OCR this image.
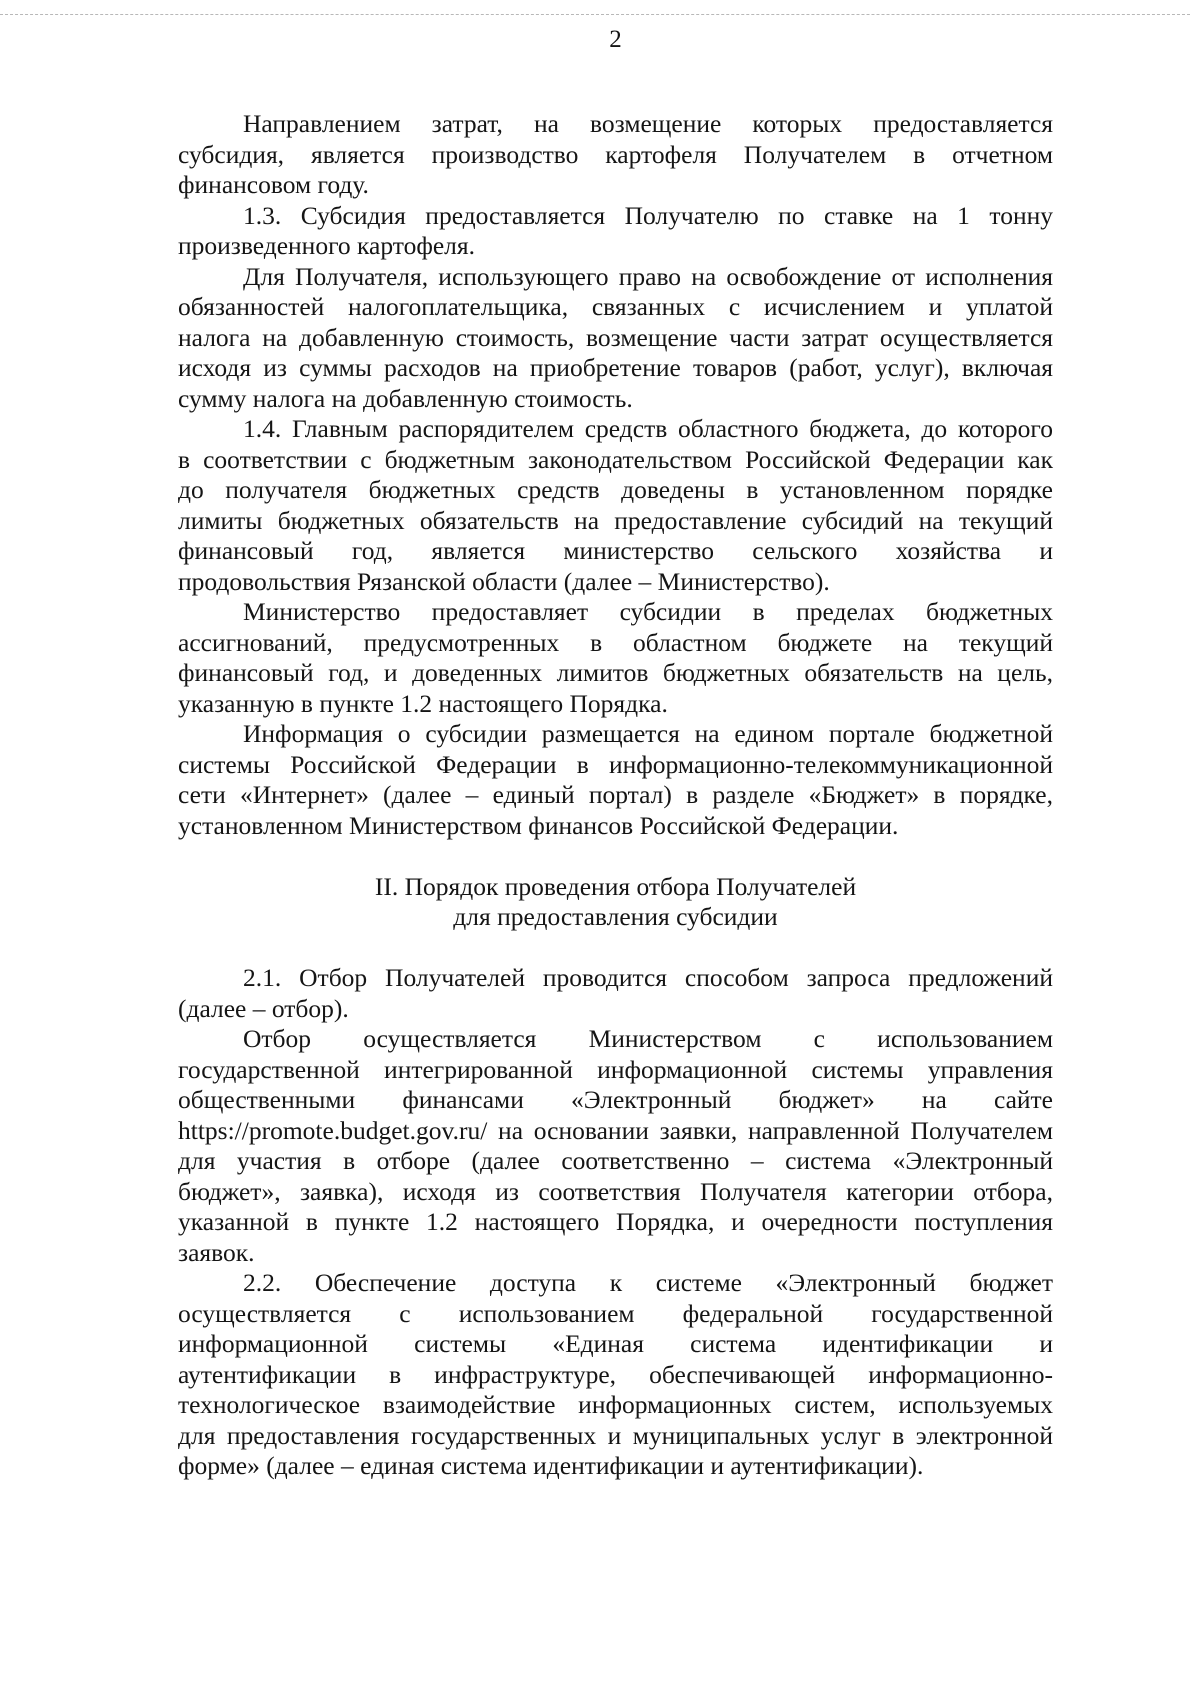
2
Направлением затрат, на возмещение которых предоставляется
субсидия, является производство картофеля Получателем в отчетном
финансовом году.
1.3. Субсидия предоставляется Получателю по ставке на 1 тонну
произведенного картофеля.
Для Получателя, использующего право на освобождение от исполнения
обязанностей налогоплательщика, связанных с исчислением и уплатой
налога на добавленную стоимость, возмещение части затрат осуществляется
исходя из суммы расходов на приобретение товаров (работ, услуг), включая
сумму налога на добавленную стоимость.
1.4. Главным распорядителем средств областного бюджета, до которого
в соответствии с бюджетным законодательством Российской Федерации как
до получателя бюджетных средств доведены в установленном порядке
лимиты бюджетных обязательств на предоставление субсидий на текущий
финансовый год, является министерство сельского хозяйства и
продовольствия Рязанской области (далее – Министерство).
Министерство предоставляет субсидии в пределах бюджетных
ассигнований, предусмотренных в областном бюджете на текущий
финансовый год, и доведенных лимитов бюджетных обязательств на цель,
указанную в пункте 1.2 настоящего Порядка.
Информация о субсидии размещается на едином портале бюджетной
системы Российской Федерации в информационно-телекоммуникационной
сети «Интернет» (далее – единый портал) в разделе «Бюджет» в порядке,
установленном Министерством финансов Российской Федерации.
II. Порядок проведения отбора Получателей
для предоставления субсидии
2.1. Отбор Получателей проводится способом запроса предложений
(далее – отбор).
Отбор осуществляется Министерством с использованием
государственной интегрированной информационной системы управления
общественными финансами «Электронный бюджет» на сайте
https://promote.budget.gov.ru/ на основании заявки, направленной Получателем
для участия в отборе (далее соответственно – система «Электронный
бюджет», заявка), исходя из соответствия Получателя категории отбора,
указанной в пункте 1.2 настоящего Порядка, и очередности поступления
заявок.
2.2. Обеспечение доступа к системе «Электронный бюджет
осуществляется с использованием федеральной государственной
информационной системы «Единая система идентификации и
аутентификации в инфраструктуре, обеспечивающей информационно-
технологическое взаимодействие информационных систем, используемых
для предоставления государственных и муниципальных услуг в электронной
форме» (далее – единая система идентификации и аутентификации).
